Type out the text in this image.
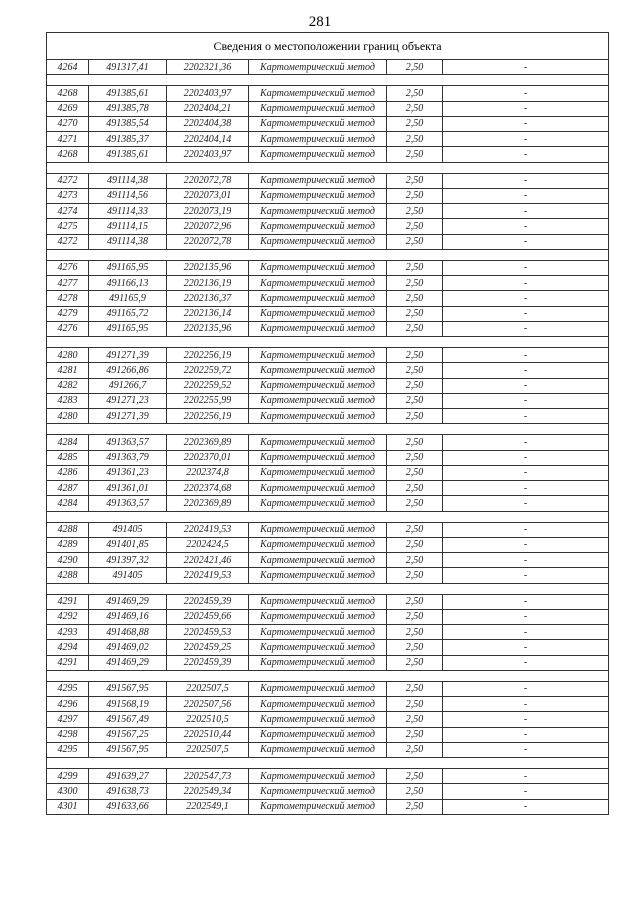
281
Сведения о местоположении границ объекта					
4264	491317,41	2202321,36	Картометрический метод	2,50	-

4268	491385,61	2202403,97	Картометрический метод	2,50	-
4269	491385,78	2202404,21	Картометрический метод	2,50	-
4270	491385,54	2202404,38	Картометрический метод	2,50	-
4271	491385,37	2202404,14	Картометрический метод	2,50	-
4268	491385,61	2202403,97	Картометрический метод	2,50	-

4272	491114,38	2202072,78	Картометрический метод	2,50	-
4273	491114,56	2202073,01	Картометрический метод	2,50	-
4274	491114,33	2202073,19	Картометрический метод	2,50	-
4275	491114,15	2202072,96	Картометрический метод	2,50	-
4272	491114,38	2202072,78	Картометрический метод	2,50	-

4276	491165,95	2202135,96	Картометрический метод	2,50	-
4277	491166,13	2202136,19	Картометрический метод	2,50	-
4278	491165,9	2202136,37	Картометрический метод	2,50	-
4279	491165,72	2202136,14	Картометрический метод	2,50	-
4276	491165,95	2202135,96	Картометрический метод	2,50	-

4280	491271,39	2202256,19	Картометрический метод	2,50	-
4281	491266,86	2202259,72	Картометрический метод	2,50	-
4282	491266,7	2202259,52	Картометрический метод	2,50	-
4283	491271,23	2202255,99	Картометрический метод	2,50	-
4280	491271,39	2202256,19	Картометрический метод	2,50	-

4284	491363,57	2202369,89	Картометрический метод	2,50	-
4285	491363,79	2202370,01	Картометрический метод	2,50	-
4286	491361,23	2202374,8	Картометрический метод	2,50	-
4287	491361,01	2202374,68	Картометрический метод	2,50	-
4284	491363,57	2202369,89	Картометрический метод	2,50	-

4288	491405	2202419,53	Картометрический метод	2,50	-
4289	491401,85	2202424,5	Картометрический метод	2,50	-
4290	491397,32	2202421,46	Картометрический метод	2,50	-
4288	491405	2202419,53	Картометрический метод	2,50	-

4291	491469,29	2202459,39	Картометрический метод	2,50	-
4292	491469,16	2202459,66	Картометрический метод	2,50	-
4293	491468,88	2202459,53	Картометрический метод	2,50	-
4294	491469,02	2202459,25	Картометрический метод	2,50	-
4291	491469,29	2202459,39	Картометрический метод	2,50	-

4295	491567,95	2202507,5	Картометрический метод	2,50	-
4296	491568,19	2202507,56	Картометрический метод	2,50	-
4297	491567,49	2202510,5	Картометрический метод	2,50	-
4298	491567,25	2202510,44	Картометрический метод	2,50	-
4295	491567,95	2202507,5	Картометрический метод	2,50	-

4299	491639,27	2202547,73	Картометрический метод	2,50	-
4300	491638,73	2202549,34	Картометрический метод	2,50	-
4301	491633,66	2202549,1	Картометрический метод	2,50	-
